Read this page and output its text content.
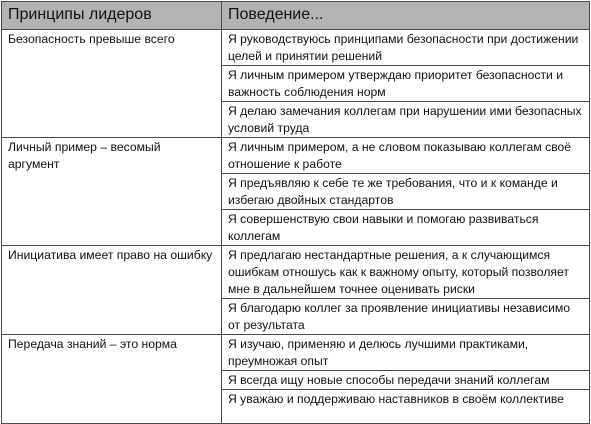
Принципы лидеров	Поведение...
Безопасность превыше всего	Я руководствуюсь принципами безопасности при достижении целей и принятии решений
	Я личным примером утверждаю приоритет безопасности и важность соблюдения норм
	Я делаю замечания коллегам при нарушении ими безопасных условий труда
Личный пример – весомый аргумент	Я личным примером, а не словом показываю коллегам своё отношение к работе
	Я предъявляю к себе те же требования, что и к команде и избегаю двойных стандартов
	Я совершенствую свои навыки и помогаю развиваться коллегам
Инициатива имеет право на ошибку	Я предлагаю нестандартные решения, а к случающимся ошибкам отношусь как к важному опыту, который позволяет мне в дальнейшем точнее оценивать риски
	Я благодарю коллег за проявление инициативы независимо от результата
Передача знаний – это норма	Я изучаю, применяю и делюсь лучшими практиками, преумножая опыт
	Я всегда ищу новые способы передачи знаний коллегам
	Я уважаю и поддерживаю наставников в своём коллективе
